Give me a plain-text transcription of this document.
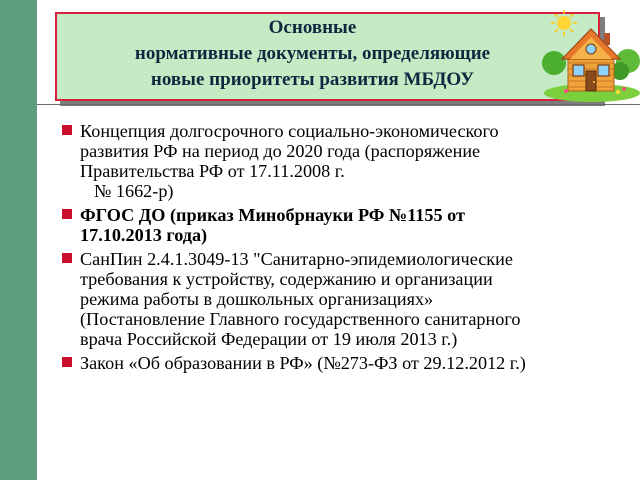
Основные
нормативные документы, определяющие
новые приоритеты развития МБДОУ
Концепция долгосрочного социально-экономического
развития РФ на период до 2020 года (распоряжение
Правительства РФ от 17.11.2008 г.
№ 1662-р)
ФГОС ДО (приказ Минобрнауки РФ №1155 от
17.10.2013 года)
СанПин 2.4.1.3049-13 "Санитарно-эпидемиологические
требования к устройству, содержанию и организации
режима работы в дошкольных организациях»
(Постановление Главного государственного санитарного
врача Российской Федерации от 19 июля 2013 г.)
Закон «Об образовании в РФ» (№273-ФЗ от 29.12.2012 г.)
